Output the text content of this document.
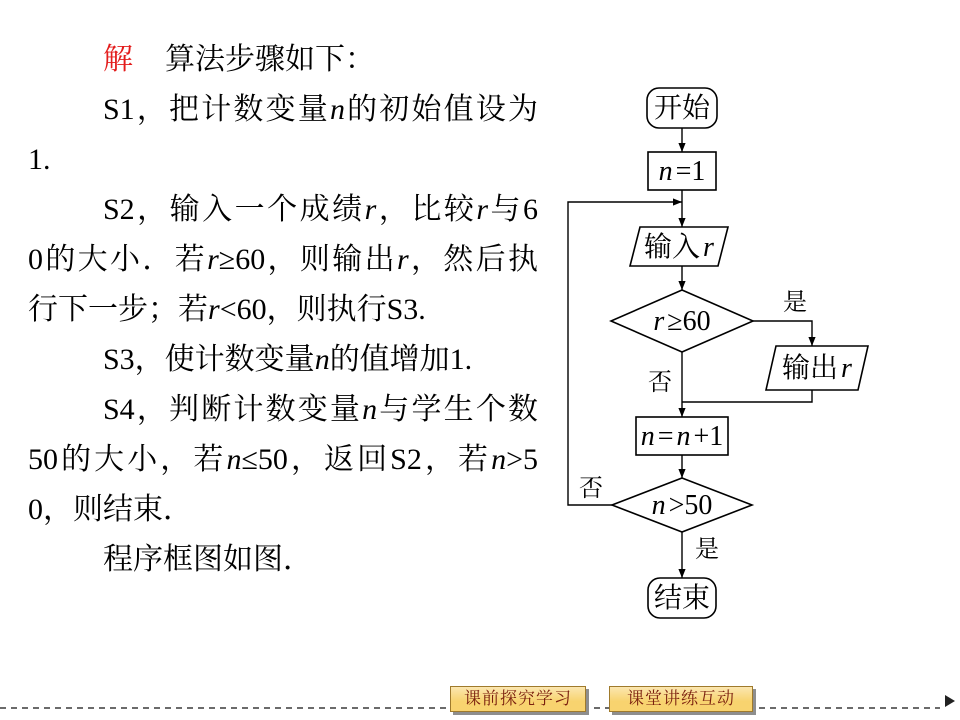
解 算法步骤如下：
S1，把计数变量n的初始值设为
1.
S2，输入一个成绩r，比较r与6
0的大小．若r≥60，则输出r，然后执
行下一步；若r<60，则执行S3.
S3，使计数变量n的值增加1.
S4，判断计数变量n与学生个数
50的大小，若n≤50，返回S2，若n>5
0，则结束．
程序框图如图．
开始
n =1
输入 r
r ≥60
输出 r
n = n +1
n >50
结束
是
否
否
是
课前探究学习	课堂讲练互动
